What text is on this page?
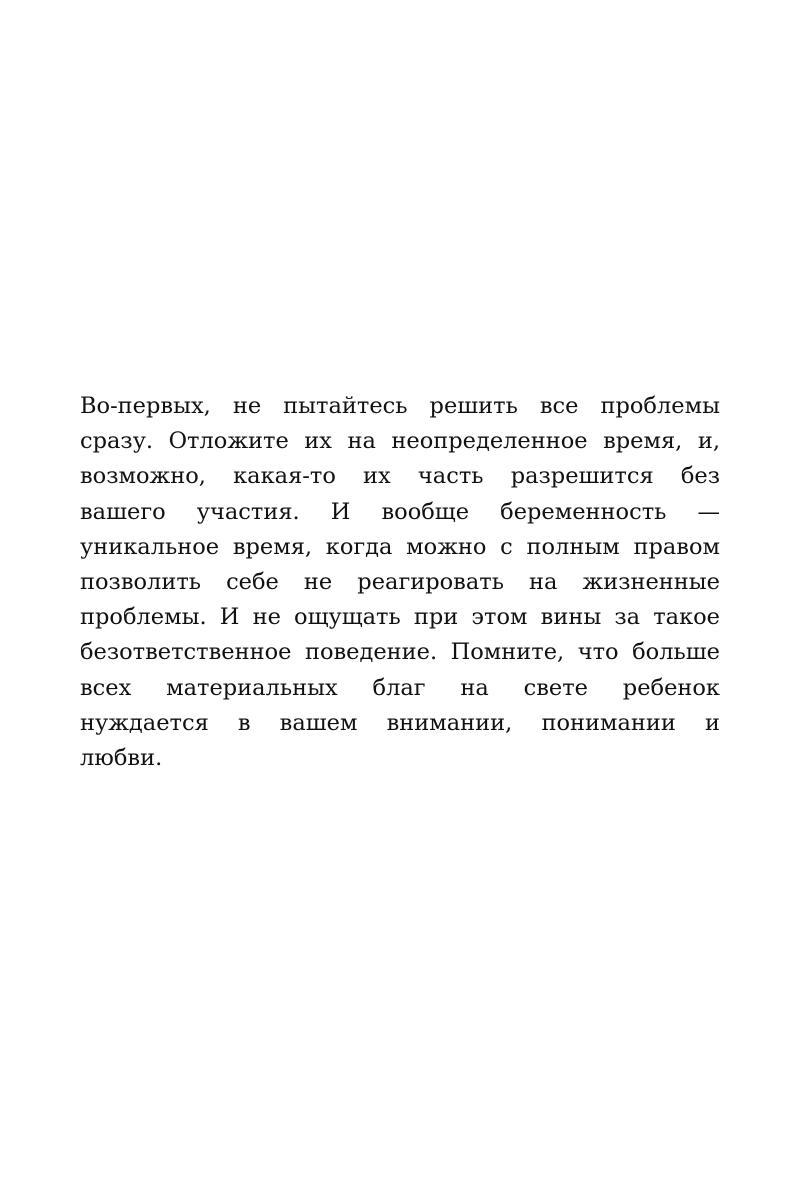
Во-первых, не пытайтесь решить все проблемы
сразу. Отложите их на неопределенное время, и,
возможно, какая-то их часть разрешится без
вашего участия. И вообще беременность —
уникальное время, когда можно с полным правом
позволить себе не реагировать на жизненные
проблемы. И не ощущать при этом вины за такое
безответственное поведение. Помните, что больше
всех материальных благ на свете ребенок
нуждается в вашем внимании, понимании и
любви.
